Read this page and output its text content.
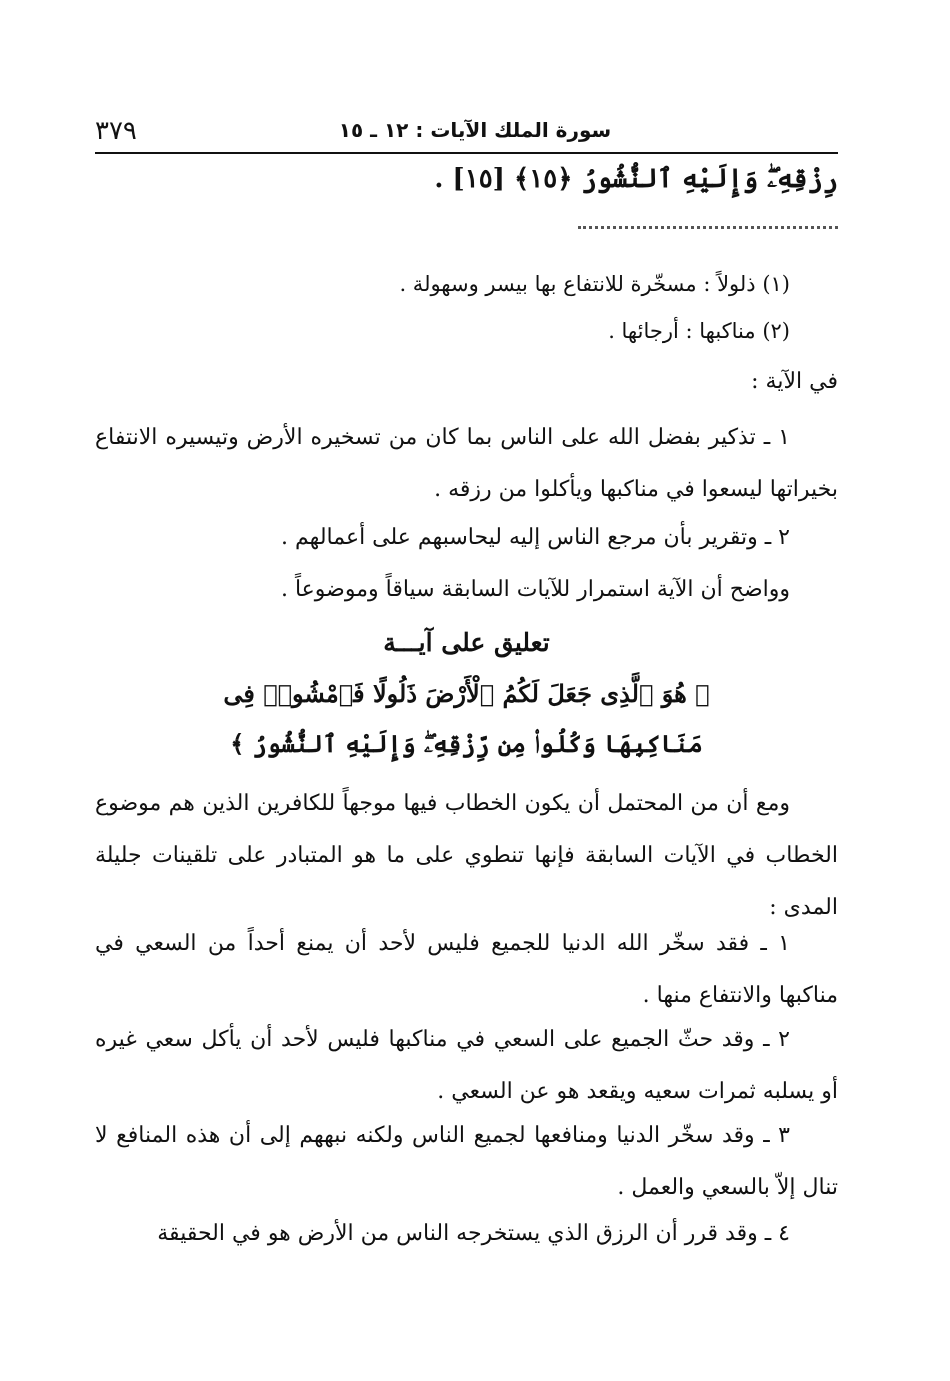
٣٧٩	سورة الملك الآيات : ١٢ ـ ١٥
رِزْقِهِۦۖ وَإِلَيْهِ ٱلنُّشُورُ ﴿١٥﴾ [١٥] .

(١) ذلولاً : مسخّرة للانتفاع بها بيسر وسهولة .

(٢) مناكبها : أرجائها .

في الآية :

١ ـ تذكير بفضل الله على الناس بما كان من تسخيره الأرض وتيسيره الانتفاع بخيراتها ليسعوا في مناكبها ويأكلوا من رزقه .

٢ ـ وتقرير بأن مرجع الناس إليه ليحاسبهم على أعمالهم .

وواضح أن الآية استمرار للآيات السابقة سياقاً وموضوعاً .

تعليق على آيـــة

﴿ هُوَ ٱلَّذِى جَعَلَ لَكُمُ ٱلْأَرْضَ ذَلُولًا فَٱمْشُوا۟ فِى

مَنَاكِبِهَا وَكُلُوا۟ مِن رِّزْقِهِۦۖ وَإِلَيْهِ ٱلنُّشُورُ ﴾

ومع أن من المحتمل أن يكون الخطاب فيها موجهاً للكافرين الذين هم موضوع الخطاب في الآيات السابقة فإنها تنطوي على ما هو المتبادر على تلقينات جليلة المدى :

١ ـ فقد سخّر الله الدنيا للجميع فليس لأحد أن يمنع أحداً من السعي في مناكبها والانتفاع منها .

٢ ـ وقد حثّ الجميع على السعي في مناكبها فليس لأحد أن يأكل سعي غيره أو يسلبه ثمرات سعيه ويقعد هو عن السعي .

٣ ـ وقد سخّر الدنيا ومنافعها لجميع الناس ولكنه نبههم إلى أن هذه المنافع لا تنال إلاّ بالسعي والعمل .

٤ ـ وقد قرر أن الرزق الذي يستخرجه الناس من الأرض هو في الحقيقة
